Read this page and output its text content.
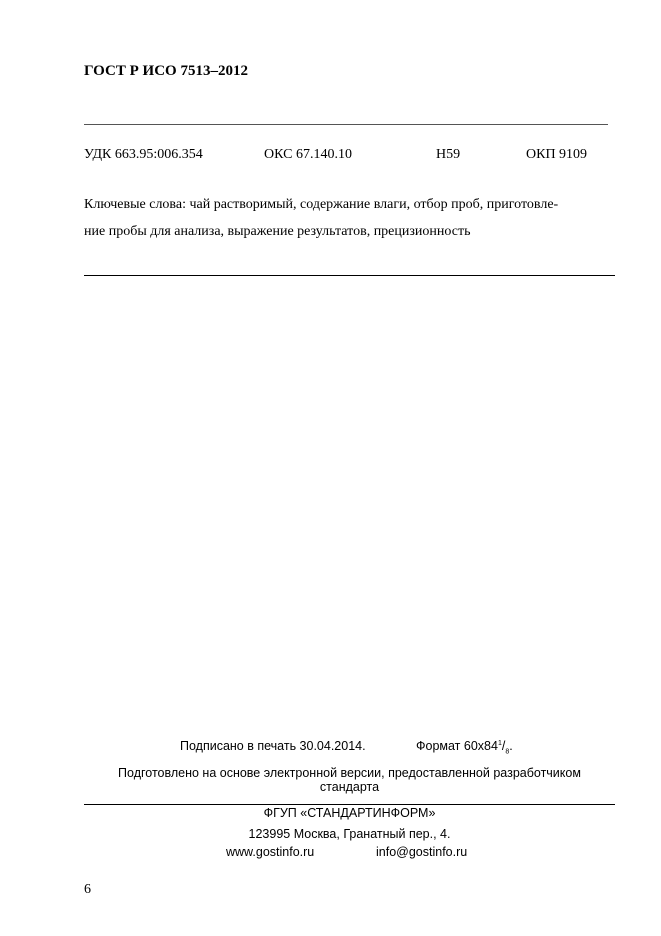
ГОСТ Р ИСО 7513–2012
УДК 663.95:006.354	ОКС 67.140.10	Н59	ОКП 9109
Ключевые слова: чай растворимый, содержание влаги, отбор проб, приготовле-
ние пробы для анализа, выражение результатов, прецизионность
Подписано в печать 30.04.2014.	Формат $60х84^1/_8$.
Подготовлено на основе электронной версии, предоставленной разработчиком
стандарта
ФГУП «СТАНДАРТИНФОРМ»
123995 Москва, Гранатный пер., 4.
www.gostinfo.ru	info@gostinfo.ru
6
